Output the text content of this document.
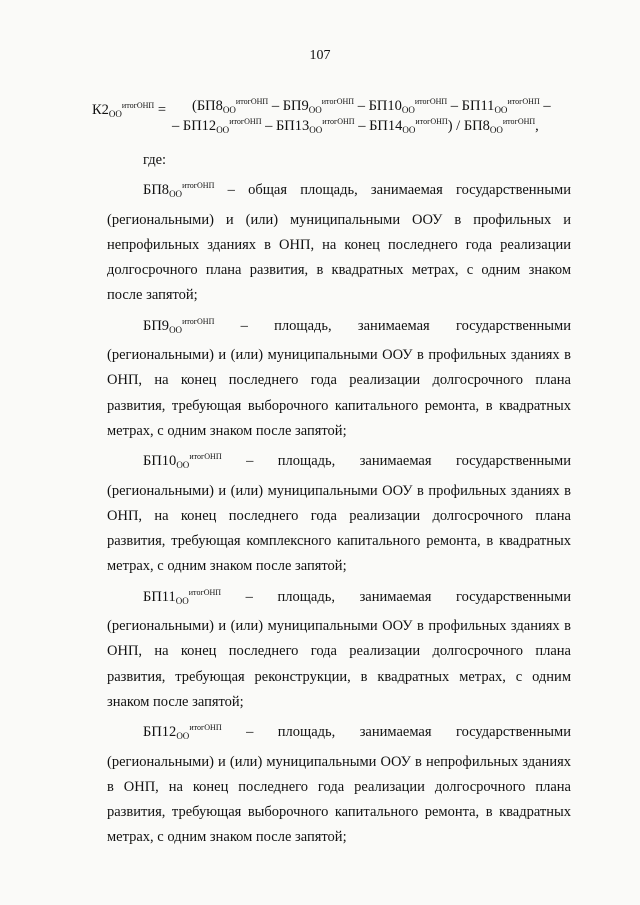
107
$К2_{ОО}^{итогОНП} = (БП8_{ОО}^{итогОНП} - БП9_{ОО}^{итогОНП} - БП10_{ОО}^{итогОНП} - БП11_{ОО}^{итогОНП}$ –
– $БП12_{ОО}^{итогОНП} - БП13_{ОО}^{итогОНП} - БП14_{ОО}^{итогОНП}) / БП8_{ОО}^{итогОНП}$,

где:

$БП8_{ОО}^{итогОНП}$ – общая площадь, занимаемая государственными (региональными) и (или) муниципальными ООУ в профильных и непрофильных зданиях в ОНП, на конец последнего года реализации долгосрочного плана развития, в квадратных метрах, с одним знаком после запятой;

$БП9_{ОО}^{итогОНП}$ – площадь, занимаемая государственными (региональными) и (или) муниципальными ООУ в профильных зданиях в ОНП, на конец последнего года реализации долгосрочного плана развития, требующая выборочного капитального ремонта, в квадратных метрах, с одним знаком после запятой;

$БП10_{ОО}^{итогОНП}$ – площадь, занимаемая государственными (региональными) и (или) муниципальными ООУ в профильных зданиях в ОНП, на конец последнего года реализации долгосрочного плана развития, требующая комплексного капитального ремонта, в квадратных метрах, с одним знаком после запятой;

$БП11_{ОО}^{итогОНП}$ – площадь, занимаемая государственными (региональными) и (или) муниципальными ООУ в профильных зданиях в ОНП, на конец последнего года реализации долгосрочного плана развития, требующая реконструкции, в квадратных метрах, с одним знаком после запятой;

$БП12_{ОО}^{итогОНП}$ – площадь, занимаемая государственными (региональными) и (или) муниципальными ООУ в непрофильных зданиях в ОНП, на конец последнего года реализации долгосрочного плана развития, требующая выборочного капитального ремонта, в квадратных метрах, с одним знаком после запятой;
